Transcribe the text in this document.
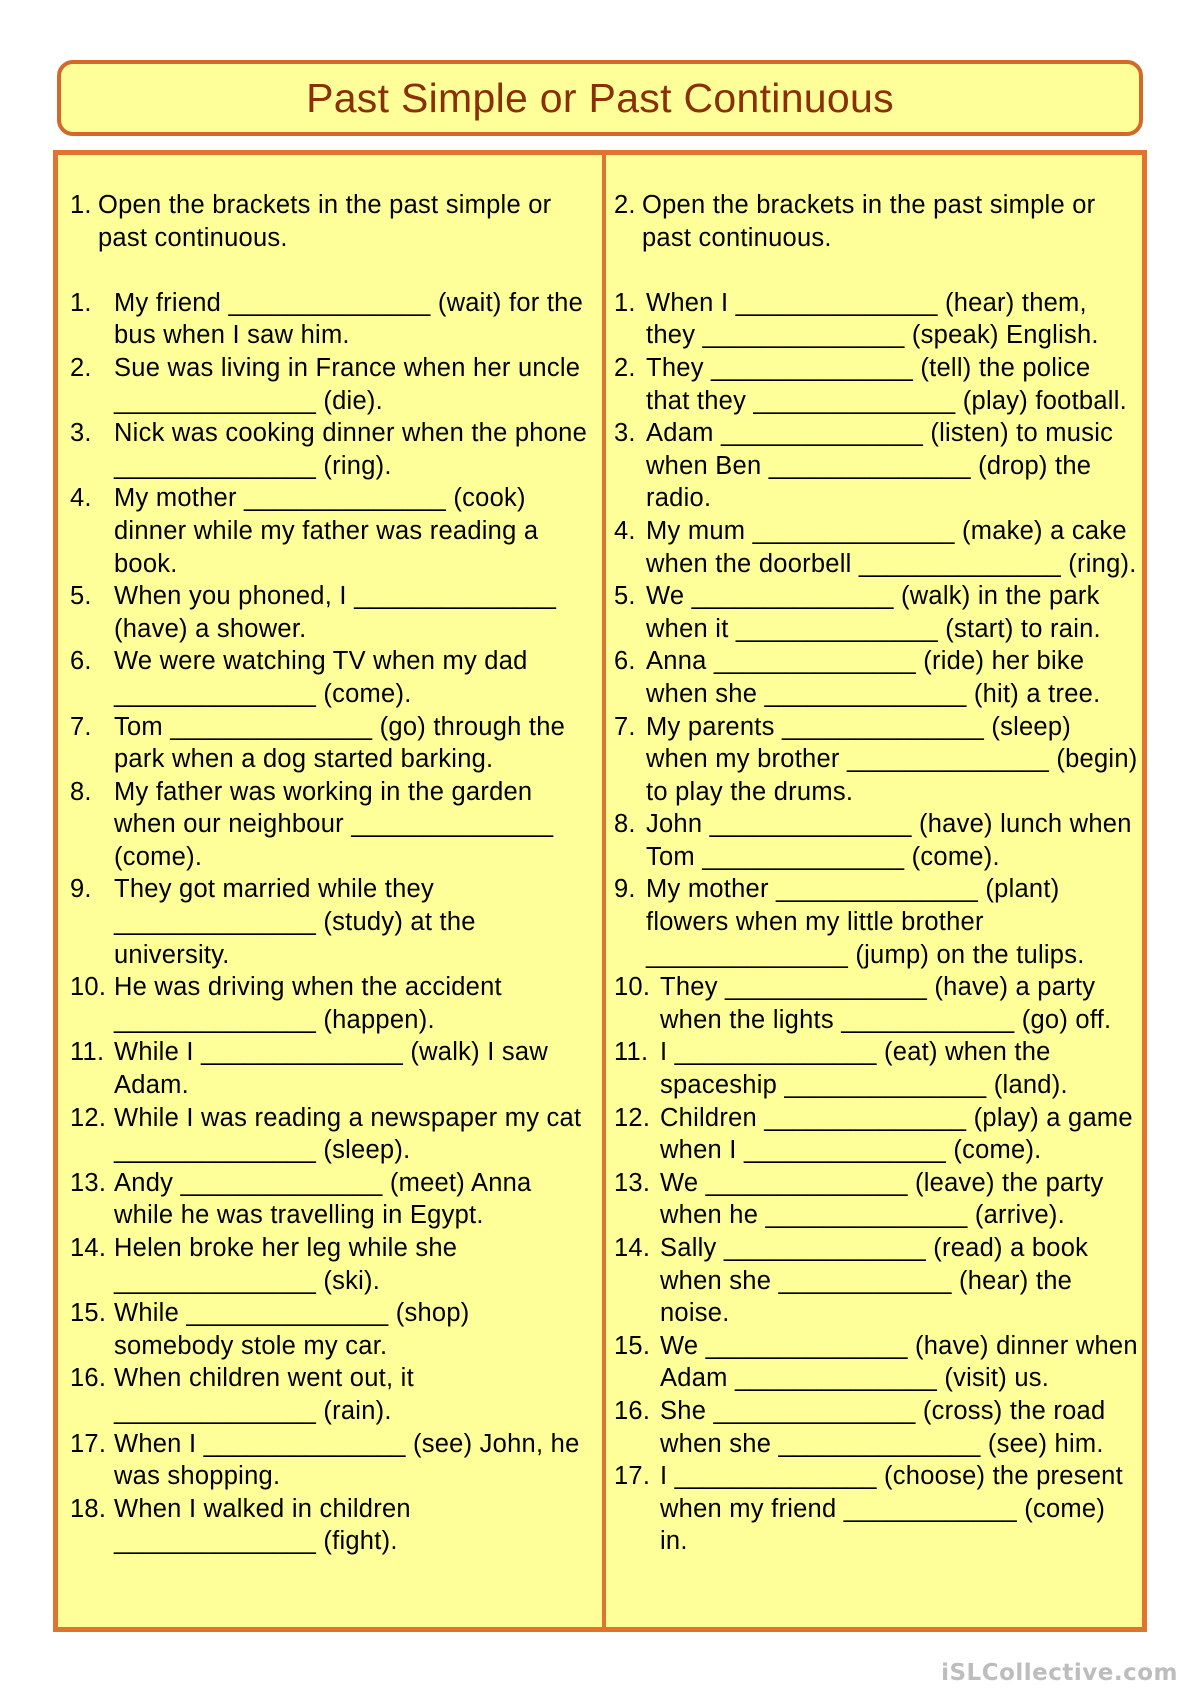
Past Simple or Past Continuous
1. Open the brackets in the past simple or past continuous.
1. My friend ______________ (wait) for the bus when I saw him.
2. Sue was living in France when her uncle ______________ (die).
3. Nick was cooking dinner when the phone ______________ (ring).
4. My mother ______________ (cook) dinner while my father was reading a book.
5. When you phoned, I ______________ (have) a shower.
6. We were watching TV when my dad ______________ (come).
7. Tom ______________ (go) through the park when a dog started barking.
8. My father was working in the garden when our neighbour ______________ (come).
9. They got married while they ______________ (study) at the university.
10. He was driving when the accident ______________ (happen).
11. While I ______________ (walk) I saw Adam.
12. While I was reading a newspaper my cat ______________ (sleep).
13. Andy ______________ (meet) Anna while he was travelling in Egypt.
14. Helen broke her leg while she ______________ (ski).
15. While ______________ (shop) somebody stole my car.
16. When children went out, it ______________ (rain).
17. When I ______________ (see) John, he was shopping.
18. When I walked in children ______________ (fight).
2. Open the brackets in the past simple or past continuous.
1. When I ______________ (hear) them, they ______________ (speak) English.
2. They ______________ (tell) the police that they ______________ (play) football.
3. Adam ______________ (listen) to music when Ben ______________ (drop) the radio.
4. My mum ______________ (make) a cake when the doorbell ______________ (ring).
5. We ______________ (walk) in the park when it ______________ (start) to rain.
6. Anna ______________ (ride) her bike when she ______________ (hit) a tree.
7. My parents ______________ (sleep) when my brother ______________ (begin) to play the drums.
8. John ______________ (have) lunch when Tom ______________ (come).
9. My mother ______________ (plant) flowers when my little brother ______________ (jump) on the tulips.
10. They ______________ (have) a party when the lights ____________ (go) off.
11. I ______________ (eat) when the spaceship ______________ (land).
12. Children ______________ (play) a game when I ______________ (come).
13. We ______________ (leave) the party when he ______________ (arrive).
14. Sally ______________ (read) a book when she ____________ (hear) the noise.
15. We ______________ (have) dinner when Adam ______________ (visit) us.
16. She ______________ (cross) the road when she ______________ (see) him.
17. I ______________ (choose) the present when my friend ____________ (come) in.
iSLCollective.com
